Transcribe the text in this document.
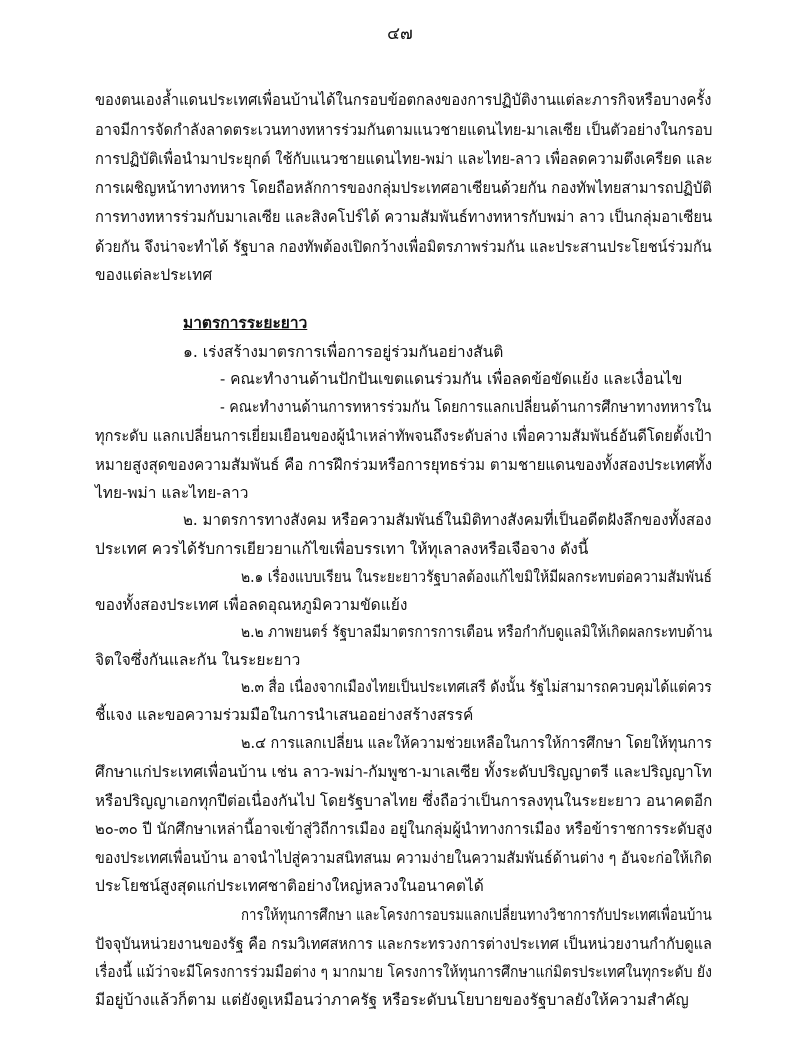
๔๗
ของตนเองล้ำแดนประเทศเพื่อนบ้านได้ในกรอบข้อตกลงของการปฏิบัติงานแต่ละภารกิจหรือบางครั้ง
อาจมีการจัดกำลังลาดตระเวนทางทหารร่วมกันตามแนวชายแดนไทย-มาเลเซีย เป็นตัวอย่างในกรอบ
การปฏิบัติเพื่อนำมาประยุกต์ ใช้กับแนวชายแดนไทย-พม่า และไทย-ลาว เพื่อลดความตึงเครียด และ
การเผชิญหน้าทางทหาร โดยถือหลักการของกลุ่มประเทศอาเซียนด้วยกัน กองทัพไทยสามารถปฏิบัติ
การทางทหารร่วมกับมาเลเซีย และสิงคโปร์ได้ ความสัมพันธ์ทางทหารกับพม่า ลาว เป็นกลุ่มอาเซียน
ด้วยกัน จึงน่าจะทำได้ รัฐบาล กองทัพต้องเปิดกว้างเพื่อมิตรภาพร่วมกัน และประสานประโยชน์ร่วมกัน
ของแต่ละประเทศ
มาตรการระยะยาว
๑. เร่งสร้างมาตรการเพื่อการอยู่ร่วมกันอย่างสันติ
- คณะทำงานด้านปักปันเขตแดนร่วมกัน เพื่อลดข้อขัดแย้ง และเงื่อนไข
- คณะทำงานด้านการทหารร่วมกัน โดยการแลกเปลี่ยนด้านการศึกษาทางทหารใน
ทุกระดับ แลกเปลี่ยนการเยี่ยมเยือนของผู้นำเหล่าทัพจนถึงระดับล่าง เพื่อความสัมพันธ์อันดีโดยตั้งเป้า
หมายสูงสุดของความสัมพันธ์ คือ การฝึกร่วมหรือการยุทธร่วม ตามชายแดนของทั้งสองประเทศทั้ง
ไทย-พม่า และไทย-ลาว
๒. มาตรการทางสังคม หรือความสัมพันธ์ในมิติทางสังคมที่เป็นอดีตฝังลึกของทั้งสอง
ประเทศ ควรได้รับการเยียวยาแก้ไขเพื่อบรรเทา ให้ทุเลาลงหรือเจือจาง ดังนี้
๒.๑ เรื่องแบบเรียน ในระยะยาวรัฐบาลต้องแก้ไขมิให้มีผลกระทบต่อความสัมพันธ์
ของทั้งสองประเทศ เพื่อลดอุณหภูมิความขัดแย้ง
๒.๒ ภาพยนตร์ รัฐบาลมีมาตรการการเตือน หรือกำกับดูแลมิให้เกิดผลกระทบด้าน
จิตใจซึ่งกันและกัน ในระยะยาว
๒.๓ สื่อ เนื่องจากเมืองไทยเป็นประเทศเสรี ดังนั้น รัฐไม่สามารถควบคุมได้แต่ควร
ชี้แจง และขอความร่วมมือในการนำเสนออย่างสร้างสรรค์
๒.๔ การแลกเปลี่ยน และให้ความช่วยเหลือในการให้การศึกษา โดยให้ทุนการ
ศึกษาแก่ประเทศเพื่อนบ้าน เช่น ลาว-พม่า-กัมพูชา-มาเลเซีย ทั้งระดับปริญญาตรี และปริญญาโท
หรือปริญญาเอกทุกปีต่อเนื่องกันไป โดยรัฐบาลไทย ซึ่งถือว่าเป็นการลงทุนในระยะยาว อนาคตอีก
๒๐-๓๐ ปี นักศึกษาเหล่านี้อาจเข้าสู่วิถีการเมือง อยู่ในกลุ่มผู้นำทางการเมือง หรือข้าราชการระดับสูง
ของประเทศเพื่อนบ้าน อาจนำไปสู่ความสนิทสนม ความง่ายในความสัมพันธ์ด้านต่าง ๆ อันจะก่อให้เกิด
ประโยชน์สูงสุดแก่ประเทศชาติอย่างใหญ่หลวงในอนาคตได้
การให้ทุนการศึกษา และโครงการอบรมแลกเปลี่ยนทางวิชาการกับประเทศเพื่อนบ้าน
ปัจจุบันหน่วยงานของรัฐ คือ กรมวิเทศสหการ และกระทรวงการต่างประเทศ เป็นหน่วยงานกำกับดูแล
เรื่องนี้ แม้ว่าจะมีโครงการร่วมมือต่าง ๆ มากมาย โครงการให้ทุนการศึกษาแก่มิตรประเทศในทุกระดับ ยัง
มีอยู่บ้างแล้วก็ตาม แต่ยังดูเหมือนว่าภาครัฐ หรือระดับนโยบายของรัฐบาลยังให้ความสำคัญ
